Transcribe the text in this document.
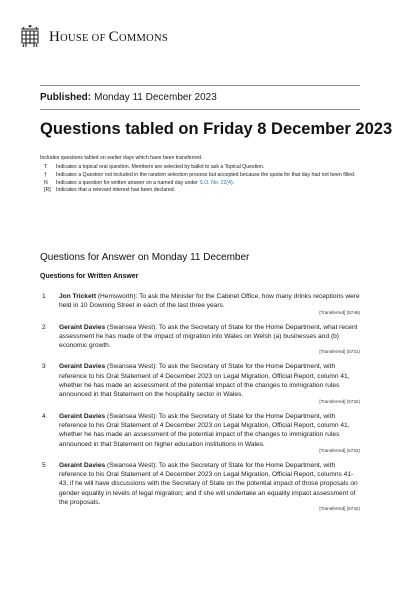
HOUSE OF COMMONS
Published: Monday 11 December 2023
Questions tabled on Friday 8 December 2023
Includes questions tabled on earlier days which have been transferred.
T	Indicates a topical oral question. Members are selected by ballot to ask a Topical Question.
†	Indicates a Question not included in the random selection process but accepted because the quota for that day had not been filled.
N	Indicates a question for written answer on a named day under S.O. No. 22(4).
[R]	Indicates that a relevant interest has been declared.
Questions for Answer on Monday 11 December
Questions for Written Answer
1 Jon Trickett (Hemsworth): To ask the Minister for the Cabinet Office, how many drinks receptions were held in 10 Downing Street in each of the last three years.
[Transferred] (5748)
2 Geraint Davies (Swansea West): To ask the Secretary of State for the Home Department, what recent assessment he has made of the impact of migration into Wales on Welsh (a) businesses and (b) economic growth.
[Transferred] (5731)
3 Geraint Davies (Swansea West): To ask the Secretary of State for the Home Department, with reference to his Oral Statement of 4 December 2023 on Legal Migration, Official Report, column 41, whether he has made an assessment of the potential impact of the changes to immigration rules announced in that Statement on the hospitality sector in Wales.
[Transferred] (5732)
4 Geraint Davies (Swansea West): To ask the Secretary of State for the Home Department, with reference to his Oral Statement of 4 December 2023 on Legal Migration, Official Report, column 41, whether he has made an assessment of the potential impact of the changes to immigration rules announced in that Statement on higher education institutions in Wales.
[Transferred] (5733)
5 Geraint Davies (Swansea West): To ask the Secretary of State for the Home Department, with reference to his Oral Statement of 4 December 2023 on Legal Migration, Official Report, columns 41-43, if he will have discussions with the Secretary of State on the potential impact of those proposals on gender equality in levels of legal migration; and if she will undertake an equality impact assessment of the proposals.
[Transferred] (5742)
